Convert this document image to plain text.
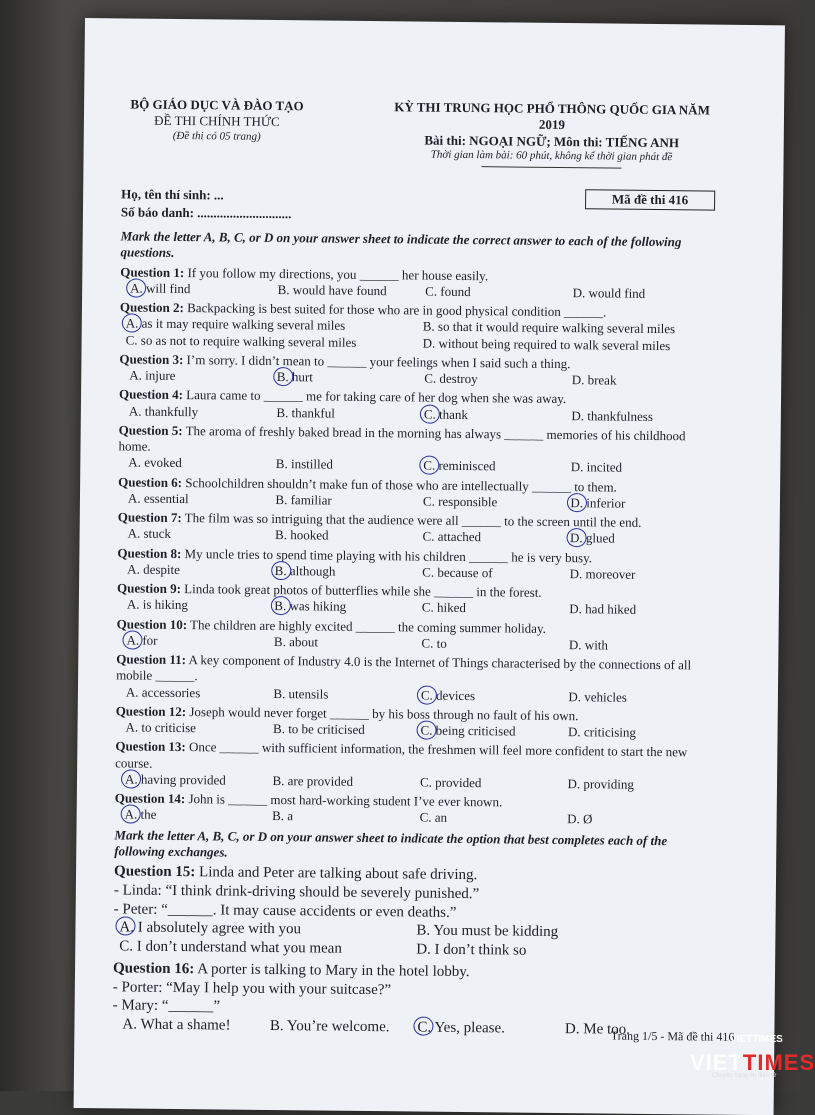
BỘ GIÁO DỤC VÀ ĐÀO TẠO
ĐỀ THI CHÍNH THỨC
(Đề thi có 05 trang)
KỲ THI TRUNG HỌC PHỔ THÔNG QUỐC GIA NĂM 2019
Bài thi: NGOẠI NGỮ; Môn thi: TIẾNG ANH
Thời gian làm bài: 60 phút, không kể thời gian phát đề
Họ, tên thí sinh: ...
Số báo danh: .............................
Mã đề thi 416
Mark the letter A, B, C, or D on your answer sheet to indicate the correct answer to each of the following questions.
Question 1: If you follow my directions, you ______ her house easily.
A. will find	B. would have found	C. found	D. would find
Question 2: Backpacking is best suited for those who are in good physical condition ______.
A. as it may require walking several miles	B. so that it would require walking several miles
C. so as not to require walking several miles	D. without being required to walk several miles
Question 3: I’m sorry. I didn’t mean to ______ your feelings when I said such a thing.
A. injure	B. hurt	C. destroy	D. break
Question 4: Laura came to ______ me for taking care of her dog when she was away.
A. thankfully	B. thankful	C. thank	D. thankfulness
Question 5: The aroma of freshly baked bread in the morning has always ______ memories of his childhood home.
A. evoked	B. instilled	C. reminisced	D. incited
Question 6: Schoolchildren shouldn’t make fun of those who are intellectually ______ to them.
A. essential	B. familiar	C. responsible	D. inferior
Question 7: The film was so intriguing that the audience were all ______ to the screen until the end.
A. stuck	B. hooked	C. attached	D. glued
Question 8: My uncle tries to spend time playing with his children ______ he is very busy.
A. despite	B. although	C. because of	D. moreover
Question 9: Linda took great photos of butterflies while she ______ in the forest.
A. is hiking	B. was hiking	C. hiked	D. had hiked
Question 10: The children are highly excited ______ the coming summer holiday.
A. for	B. about	C. to	D. with
Question 11: A key component of Industry 4.0 is the Internet of Things characterised by the connections of all mobile ______.
A. accessories	B. utensils	C. devices	D. vehicles
Question 12: Joseph would never forget ______ by his boss through no fault of his own.
A. to criticise	B. to be criticised	C. being criticised	D. criticising
Question 13: Once ______ with sufficient information, the freshmen will feel more confident to start the new course.
A. having provided	B. are provided	C. provided	D. providing
Question 14: John is ______ most hard-working student I’ve ever known.
A. the	B. a	C. an	D. Ø
Mark the letter A, B, C, or D on your answer sheet to indicate the option that best completes each of the following exchanges.
Question 15: Linda and Peter are talking about safe driving.
- Linda: “I think drink-driving should be severely punished.”
- Peter: “______. It may cause accidents or even deaths.”
A. I absolutely agree with you	B. You must be kidding
C. I don’t understand what you mean	D. I don’t think so
Question 16: A porter is talking to Mary in the hotel lobby.
- Porter: “May I help you with your suitcase?”
- Mary: “______”
A. What a shame!	B. You’re welcome.	C. Yes, please.	D. Me too.
Trang 1/5 - Mã đề thi 416
VIETTIMES
VIETTIMES
Chuyên trang tin điện tử
